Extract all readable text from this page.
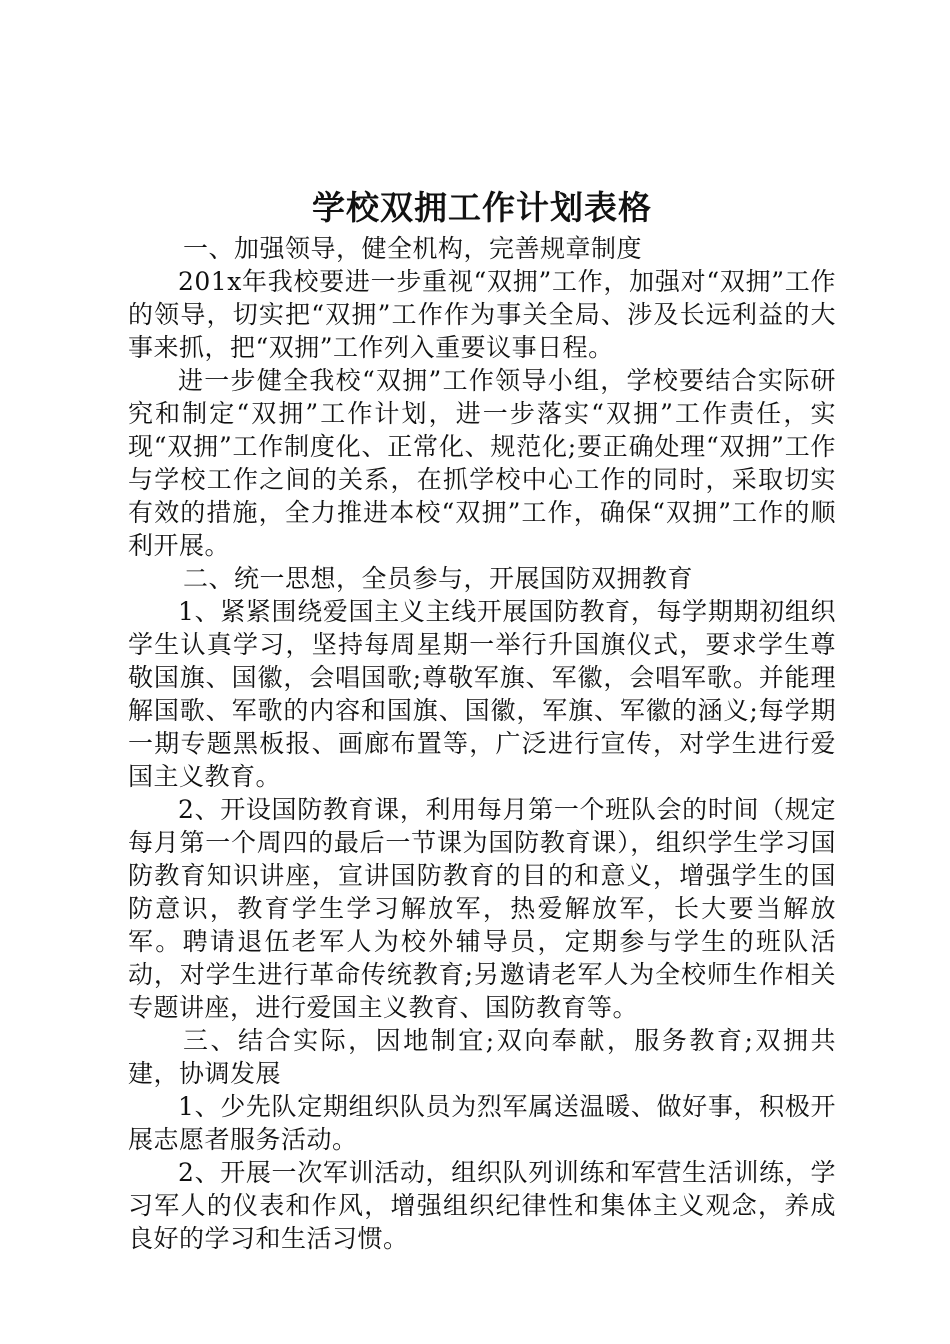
学校双拥工作计划表格

一、加强领导，健全机构，完善规章制度

201x年我校要进一步重视“双拥”工作，加强对“双拥”工作的领导，切实把“双拥”工作作为事关全局、涉及长远利益的大事来抓，把“双拥”工作列入重要议事日程。

进一步健全我校“双拥”工作领导小组，学校要结合实际研究和制定“双拥”工作计划，进一步落实“双拥”工作责任，实现“双拥”工作制度化、正常化、规范化;要正确处理“双拥”工作与学校工作之间的关系，在抓学校中心工作的同时，采取切实有效的措施，全力推进本校“双拥”工作，确保“双拥”工作的顺利开展。

二、统一思想，全员参与，开展国防双拥教育

1、紧紧围绕爱国主义主线开展国防教育，每学期期初组织学生认真学习，坚持每周星期一举行升国旗仪式，要求学生尊敬国旗、国徽，会唱国歌;尊敬军旗、军徽，会唱军歌。并能理解国歌、军歌的内容和国旗、国徽，军旗、军徽的涵义;每学期一期专题黑板报、画廊布置等，广泛进行宣传，对学生进行爱国主义教育。

2、开设国防教育课，利用每月第一个班队会的时间（规定每月第一个周四的最后一节课为国防教育课），组织学生学习国防教育知识讲座，宣讲国防教育的目的和意义，增强学生的国防意识，教育学生学习解放军，热爱解放军，长大要当解放军。聘请退伍老军人为校外辅导员，定期参与学生的班队活动，对学生进行革命传统教育;另邀请老军人为全校师生作相关专题讲座，进行爱国主义教育、国防教育等。

三、结合实际，因地制宜;双向奉献，服务教育;双拥共建，协调发展

1、少先队定期组织队员为烈军属送温暖、做好事，积极开展志愿者服务活动。

2、开展一次军训活动，组织队列训练和军营生活训练，学习军人的仪表和作风，增强组织纪律性和集体主义观念，养成良好的学习和生活习惯。
